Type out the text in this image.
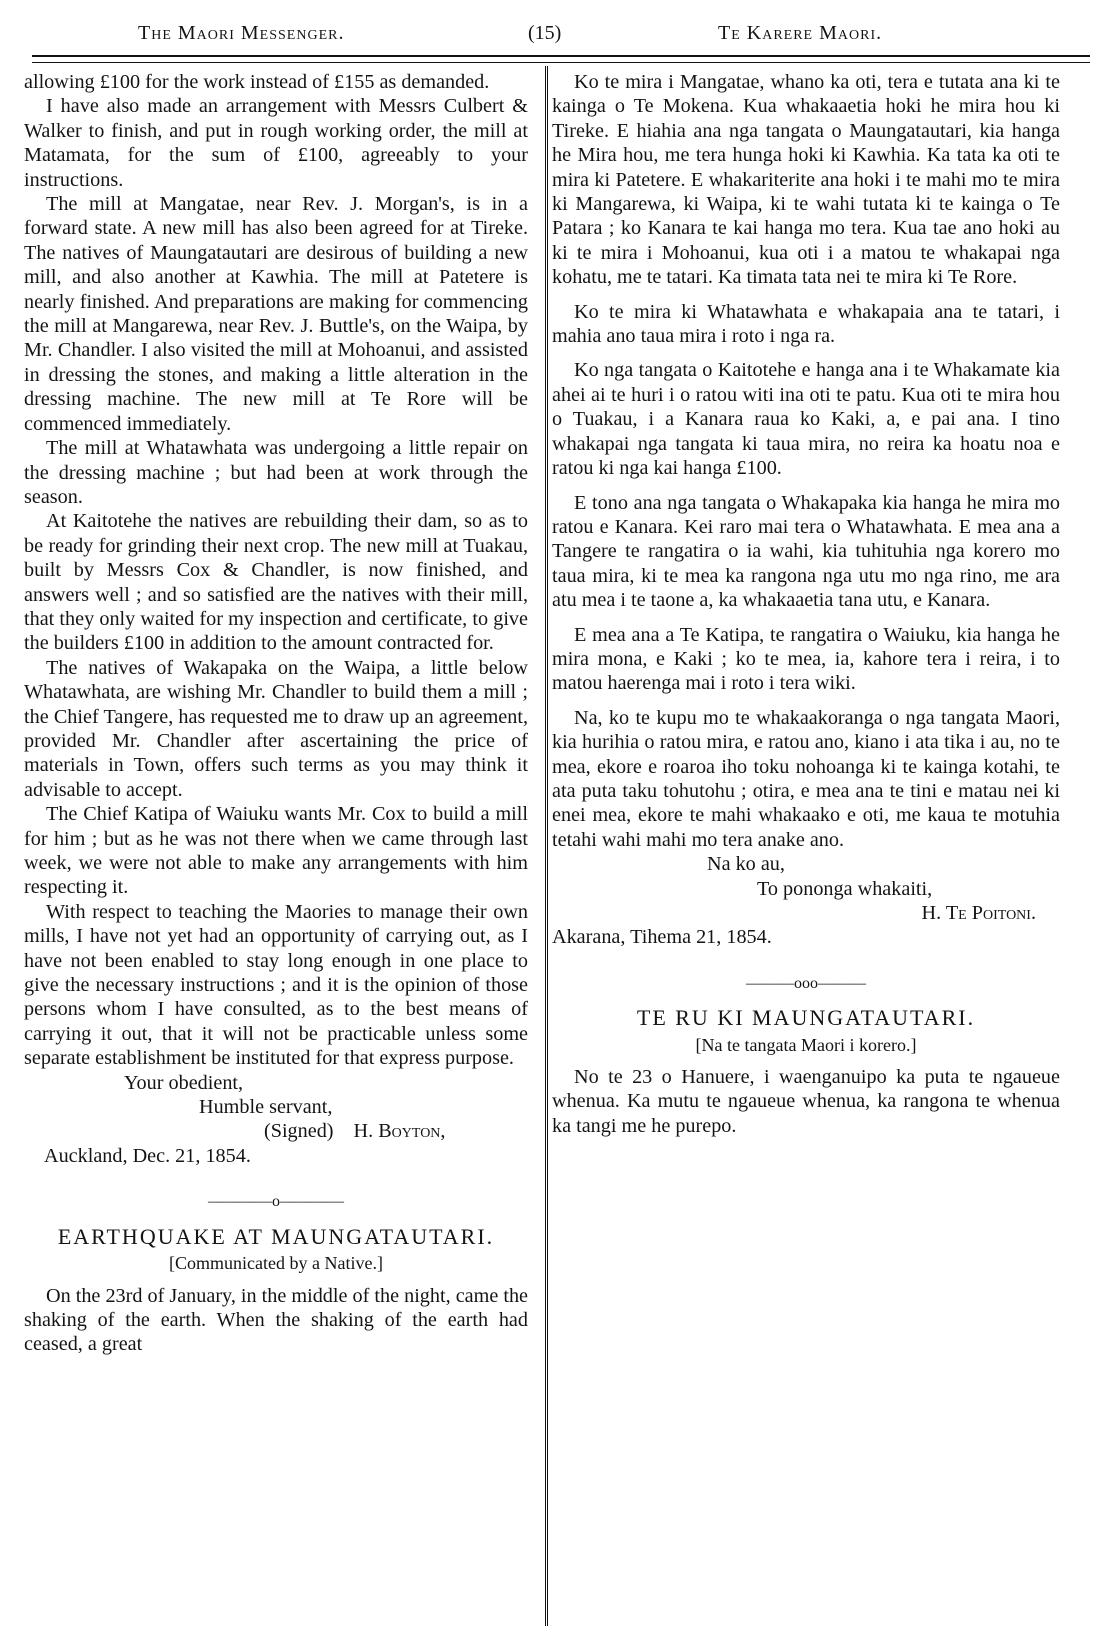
The Maori Messenger.	(15)	Te Karere Maori.

allowing £100 for the work instead of £155 as demanded.

I have also made an arrangement with Messrs Culbert & Walker to finish, and put in rough working order, the mill at Matamata, for the sum of £100, agreeably to your instructions.

The mill at Mangatae, near Rev. J. Morgan's, is in a forward state. A new mill has also been agreed for at Tireke. The natives of Maungatautari are desirous of building a new mill, and also another at Kawhia. The mill at Patetere is nearly finished. And preparations are making for commencing the mill at Mangarewa, near Rev. J. Buttle's, on the Waipa, by Mr. Chandler. I also visited the mill at Mohoanui, and assisted in dressing the stones, and making a little alteration in the dressing machine. The new mill at Te Rore will be commenced immediately.

The mill at Whatawhata was undergoing a little repair on the dressing machine ; but had been at work through the season.

At Kaitotehe the natives are rebuilding their dam, so as to be ready for grinding their next crop. The new mill at Tuakau, built by Messrs Cox & Chandler, is now finished, and answers well ; and so satisfied are the natives with their mill, that they only waited for my inspection and certificate, to give the builders £100 in addition to the amount contracted for.

The natives of Wakapaka on the Waipa, a little below Whatawhata, are wishing Mr. Chandler to build them a mill ; the Chief Tangere, has requested me to draw up an agreement, provided Mr. Chandler after ascertaining the price of materials in Town, offers such terms as you may think it advisable to accept.

The Chief Katipa of Waiuku wants Mr. Cox to build a mill for him ; but as he was not there when we came through last week, we were not able to make any arrangements with him respecting it.

With respect to teaching the Maories to manage their own mills, I have not yet had an opportunity of carrying out, as I have not been enabled to stay long enough in one place to give the necessary instructions ; and it is the opinion of those persons whom I have consulted, as to the best means of carrying it out, that it will not be practicable unless some separate establishment be instituted for that express purpose.

Your obedient,

Humble servant,

(Signed) H. Boyton,

Auckland, Dec. 21, 1854.

————o————
EARTHQUAKE AT MAUNGATAUTARI.
[Communicated by a Native.]

On the 23rd of January, in the middle of the night, came the shaking of the earth. When the shaking of the earth had ceased, a great

Ko te mira i Mangatae, whano ka oti, tera e tutata ana ki te kainga o Te Mokena. Kua whakaaetia hoki he mira hou ki Tireke. E hiahia ana nga tangata o Maungatautari, kia hanga he Mira hou, me tera hunga hoki ki Kawhia. Ka tata ka oti te mira ki Patetere. E whakariteritе ana hoki i te mahi mo te mira ki Mangarewa, ki Waipa, ki te wahi tutata ki te kainga o Te Patara ; ko Kanara te kai hanga mo tera. Kua tae ano hoki au ki te mira i Mohoanui, kua oti i a matou te whakapai nga kohatu, me te tatari. Ka timata tata nei te mira ki Te Rore.

Ko te mira ki Whatawhata e whakapaia ana te tatari, i mahia ano taua mira i roto i nga ra.

Ko nga tangata o Kaitotehe e hanga ana i te Whakamate kia ahei ai te huri i o ratou witi ina oti te patu. Kua oti te mira hou o Tuakau, i a Kanara raua ko Kaki, a, e pai ana. I tino whakapai nga tangata ki taua mira, no reira ka hoatu noa e ratou ki nga kai hanga £100.

E tono ana nga tangata o Whakapaka kia hanga he mira mo ratou e Kanara. Kei raro mai tera o Whatawhata. E mea ana a Tangere te rangatira o ia wahi, kia tuhituhia nga korero mo taua mira, ki te mea ka rangona nga utu mo nga rino, me ara atu mea i te taone a, ka whakaaetia tana utu, e Kanara.

E mea ana a Te Katipa, te rangatira o Waiuku, kia hanga he mira mona, e Kaki ; ko te mea, ia, kahore tera i reira, i to matou haerenga mai i roto i tera wiki.

Na, ko te kupu mo te whakaakoranga o nga tangata Maori, kia hurihia o ratou mira, e ratou ano, kiano i ata tika i au, no te mea, ekore e roaroa iho toku nohoanga ki te kainga kotahi, te ata puta taku tohutohu ; otira, e mea ana te tini e matau nei ki enei mea, ekore te mahi whakaako e oti, me kaua te motuhia tetahi wahi mahi mo tera anake ano.

Na ko au,

To pononga whakaiti,

H. Te Poitoni.

Akarana, Tihema 21, 1854.

———ooo———
TE RU KI MAUNGATAUTARI.
[Na te tangata Maori i korero.]

No te 23 o Hanuere, i waenganuipo ka puta te ngaueue whenua. Ka mutu te ngaueue whenua, ka rangona te whenua ka tangi me he purepo.
